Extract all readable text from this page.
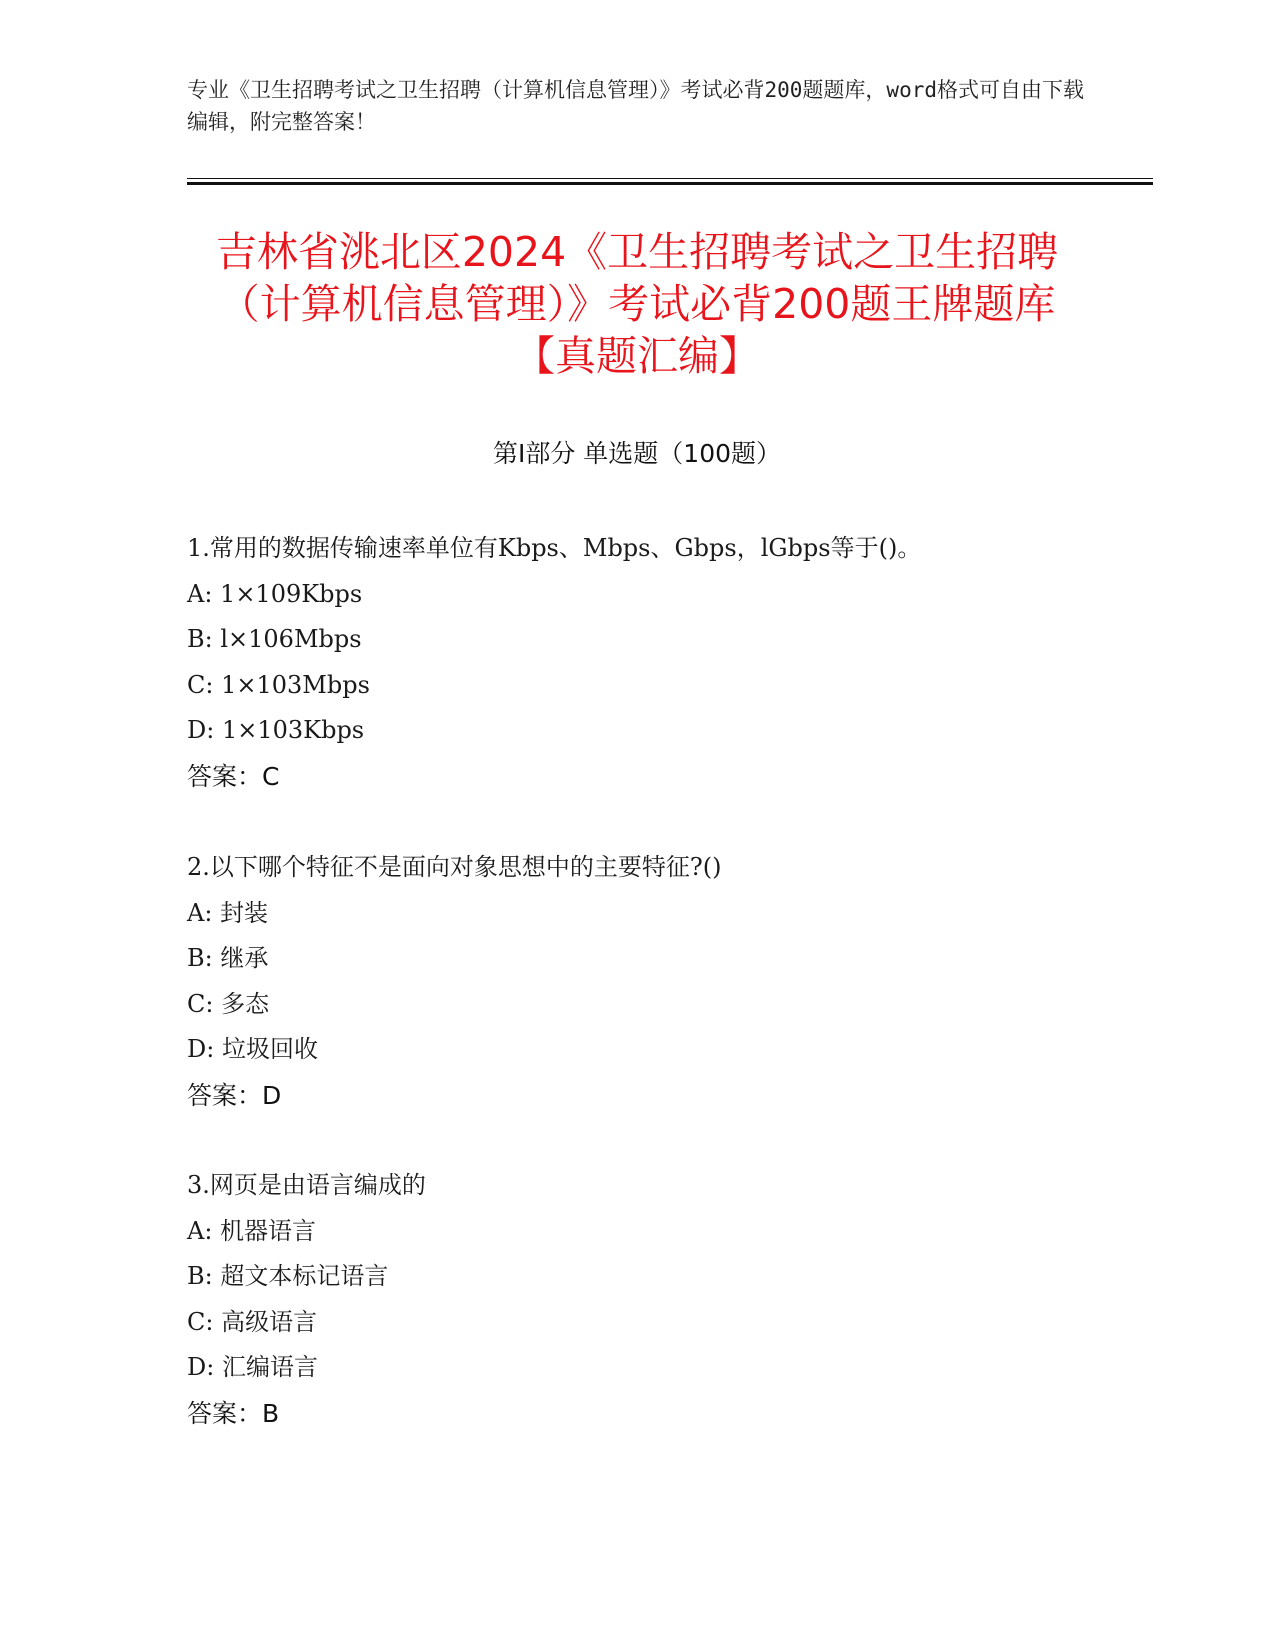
专业《卫生招聘考试之卫生招聘（计算机信息管理）》考试必背200题题库，word格式可自由下载编辑，附完整答案！
吉林省洮北区2024《卫生招聘考试之卫生招聘（计算机信息管理）》考试必背200题王牌题库【真题汇编】
第Ⅰ部分 单选题（100题）
1.常用的数据传输速率单位有Kbps、Mbps、Gbps，lGbps等于()。
A: 1×109Kbps
B: l×106Mbps
C: 1×103Mbps
D: 1×103Kbps
答案：C
2.以下哪个特征不是面向对象思想中的主要特征?()
A: 封装
B: 继承
C: 多态
D: 垃圾回收
答案：D
3.网页是由语言编成的
A: 机器语言
B: 超文本标记语言
C: 高级语言
D: 汇编语言
答案：B
